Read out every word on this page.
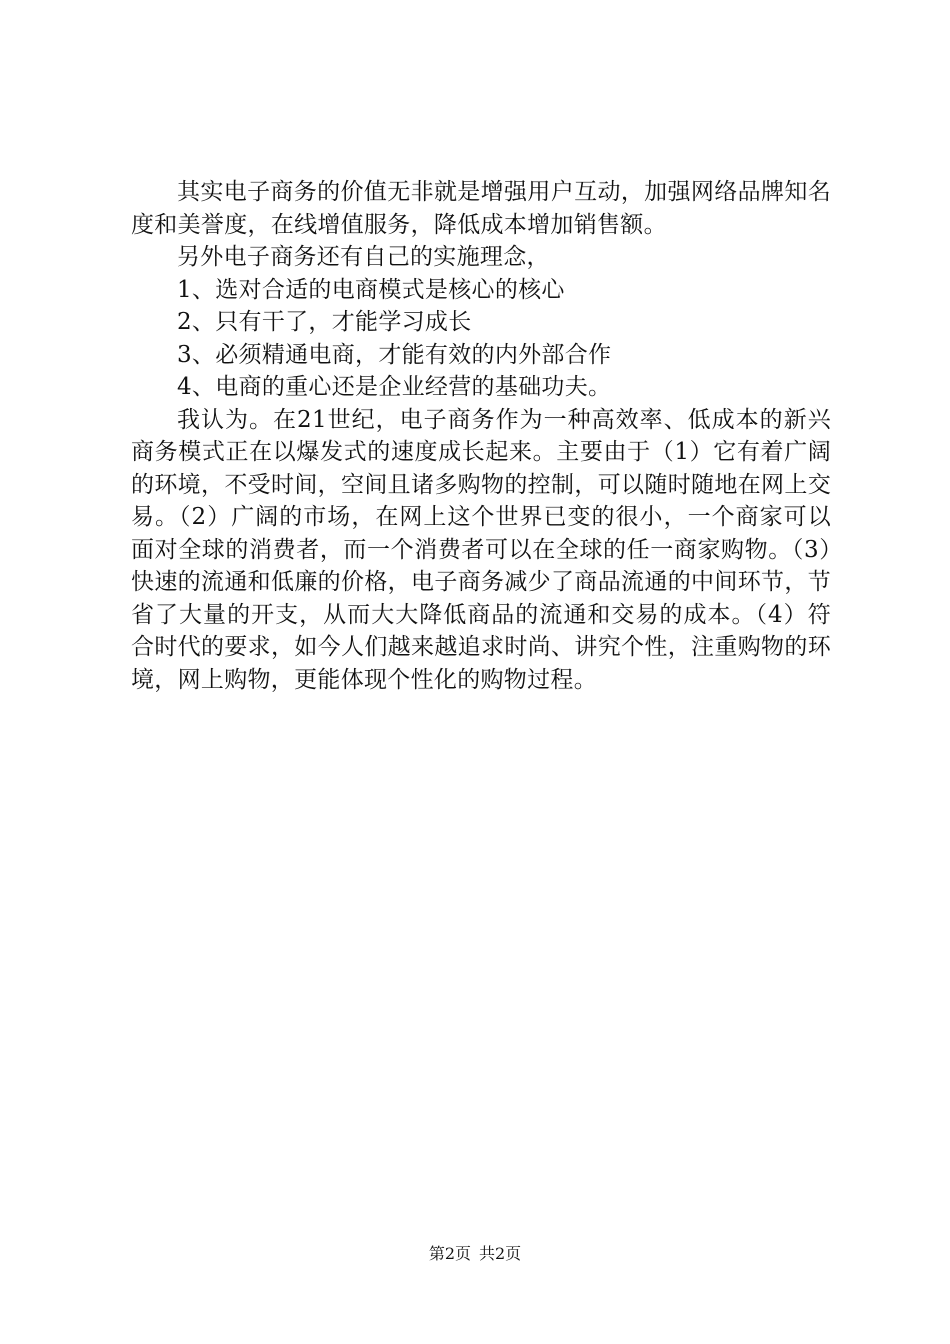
其实电子商务的价值无非就是增强用户互动，加强网络品牌知名度和美誉度，在线增值服务，降低成本增加销售额。

另外电子商务还有自己的实施理念，

1、选对合适的电商模式是核心的核心

2、只有干了，才能学习成长

3、必须精通电商，才能有效的内外部合作

4、电商的重心还是企业经营的基础功夫。

我认为。在21世纪，电子商务作为一种高效率、低成本的新兴商务模式正在以爆发式的速度成长起来。主要由于（1）它有着广阔的环境，不受时间，空间且诸多购物的控制，可以随时随地在网上交易。（2）广阔的市场，在网上这个世界已变的很小，一个商家可以面对全球的消费者，而一个消费者可以在全球的任一商家购物。（3）快速的流通和低廉的价格，电子商务减少了商品流通的中间环节，节省了大量的开支，从而大大降低商品的流通和交易的成本。（4）符合时代的要求，如今人们越来越追求时尚、讲究个性，注重购物的环境，网上购物，更能体现个性化的购物过程。

第2页 共2页
